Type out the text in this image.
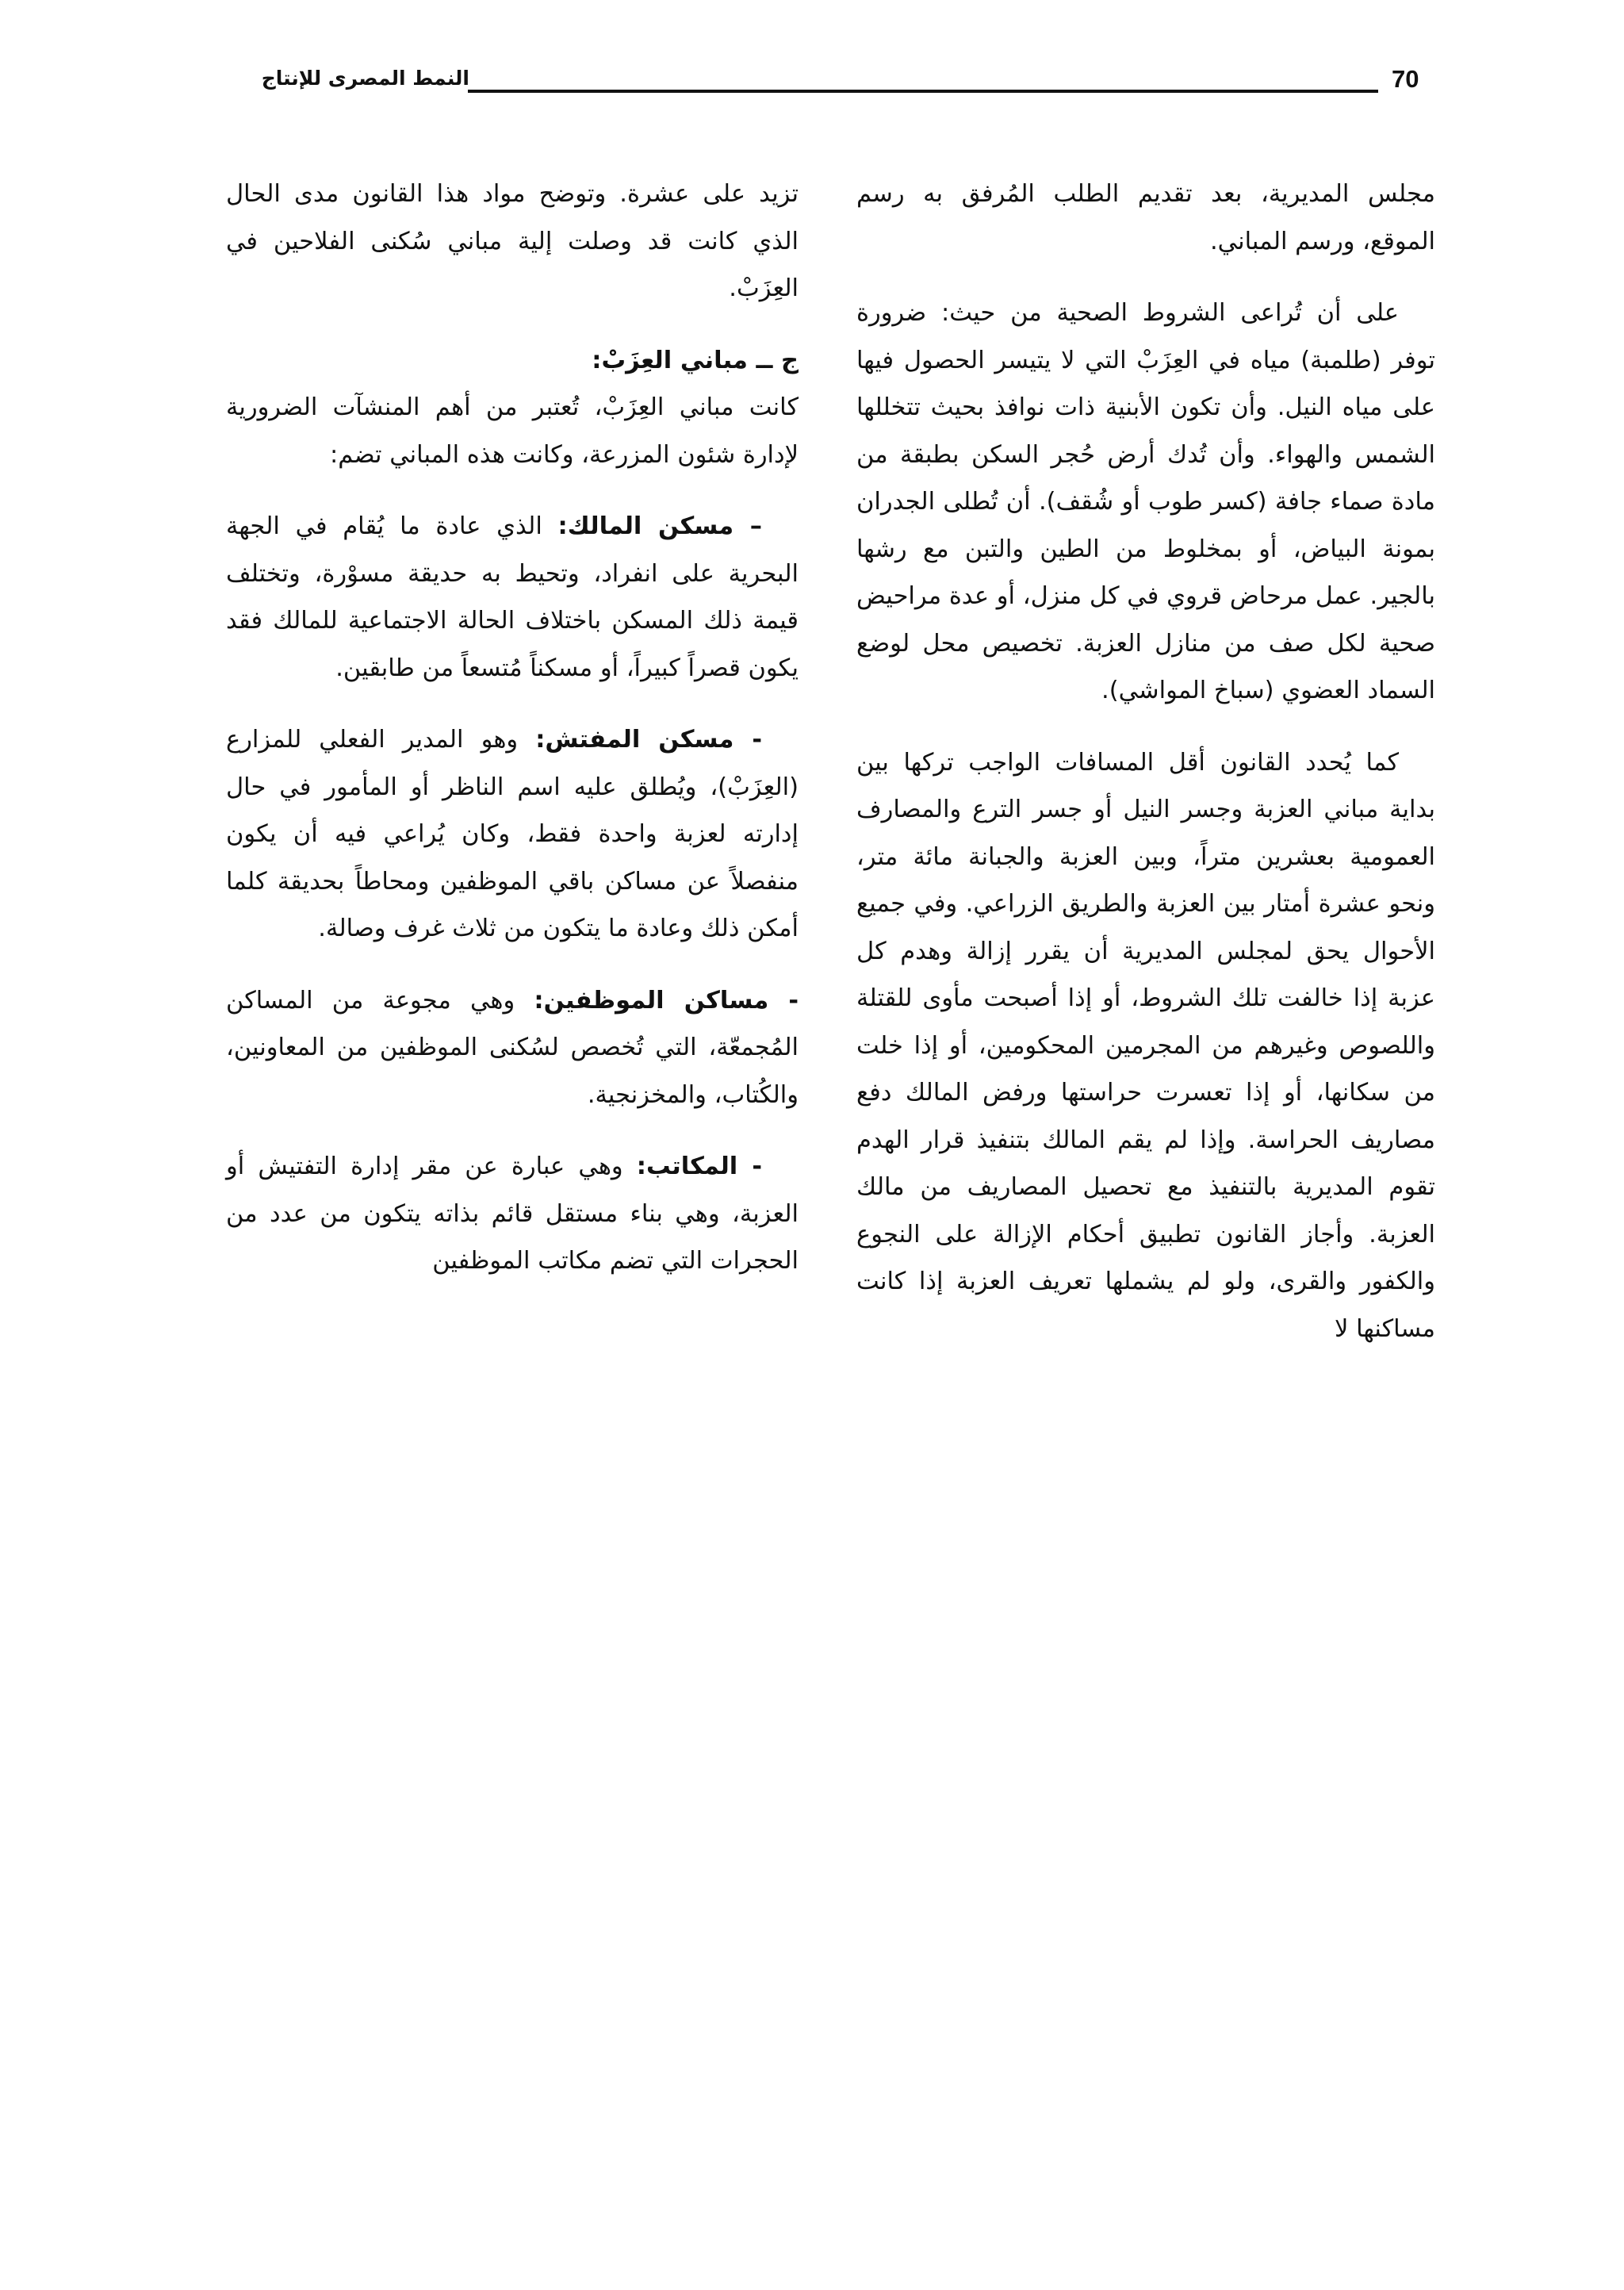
70
النمط المصرى للإنتاج

مجلس المديرية، بعد تقديم الطلب المُرفق به رسم الموقع، ورسم المباني.

على أن تُراعى الشروط الصحية من حيث: ضرورة توفر (طلمبة) مياه في العِزَبْ التي لا يتيسر الحصول فيها على مياه النيل. وأن تكون الأبنية ذات نوافذ بحيث تتخللها الشمس والهواء. وأن تُدك أرض حُجر السكن بطبقة من مادة صماء جافة (كسر طوب أو شُقف). أن تُطلى الجدران بمونة البياض، أو بمخلوط من الطين والتبن مع رشها بالجير. عمل مرحاض قروي في كل منزل، أو عدة مراحيض صحية لكل صف من منازل العزبة. تخصيص محل لوضع السماد العضوي (سباخ المواشي).

كما يُحدد القانون أقل المسافات الواجب تركها بين بداية مباني العزبة وجسر النيل أو جسر الترع والمصارف العمومية بعشرين متراً، وبين العزبة والجبانة مائة متر، ونحو عشرة أمتار بين العزبة والطريق الزراعي. وفي جميع الأحوال يحق لمجلس المديرية أن يقرر إزالة وهدم كل عزبة إذا خالفت تلك الشروط، أو إذا أصبحت مأوى للقتلة واللصوص وغيرهم من المجرمين المحكومين، أو إذا خلت من سكانها، أو إذا تعسرت حراستها ورفض المالك دفع مصاريف الحراسة. وإذا لم يقم المالك بتنفيذ قرار الهدم تقوم المديرية بالتنفيذ مع تحصيل المصاريف من مالك العزبة. وأجاز القانون تطبيق أحكام الإزالة على النجوع والكفور والقرى، ولو لم يشملها تعريف العزبة إذا كانت مساكنها لا

تزيد على عشرة. وتوضح مواد هذا القانون مدى الحال الذي كانت قد وصلت إلية مباني سُكنى الفلاحين في العِزَبْ.

ج ــ مباني العِزَبْ:

كانت مباني العِزَبْ، تُعتبر من أهم المنشآت الضرورية لإدارة شئون المزرعة، وكانت هذه المباني تضم:

– مسكن المالك: الذي عادة ما يُقام في الجهة البحرية على انفراد، وتحيط به حديقة مسوْرة، وتختلف قيمة ذلك المسكن باختلاف الحالة الاجتماعية للمالك فقد يكون قصراً كبيراً، أو مسكناً مُتسعاً من طابقين.

- مسكن المفتش: وهو المدير الفعلي للمزارع (العِزَبْ)، ويُطلق عليه اسم الناظر أو المأمور في حال إدارته لعزبة واحدة فقط، وكان يُراعي فيه أن يكون منفصلاً عن مساكن باقي الموظفين ومحاطاً بحديقة كلما أمكن ذلك وعادة ما يتكون من ثلاث غرف وصالة.

- مساكن الموظفين: وهي مجوعة من المساكن المُجمعّة، التي تُخصص لسُكنى الموظفين من المعاونين، والكُتاب، والمخزنجية.

- المكاتب: وهي عبارة عن مقر إدارة التفتيش أو العزبة، وهي بناء مستقل قائم بذاته يتكون من عدد من الحجرات التي تضم مكاتب الموظفين
